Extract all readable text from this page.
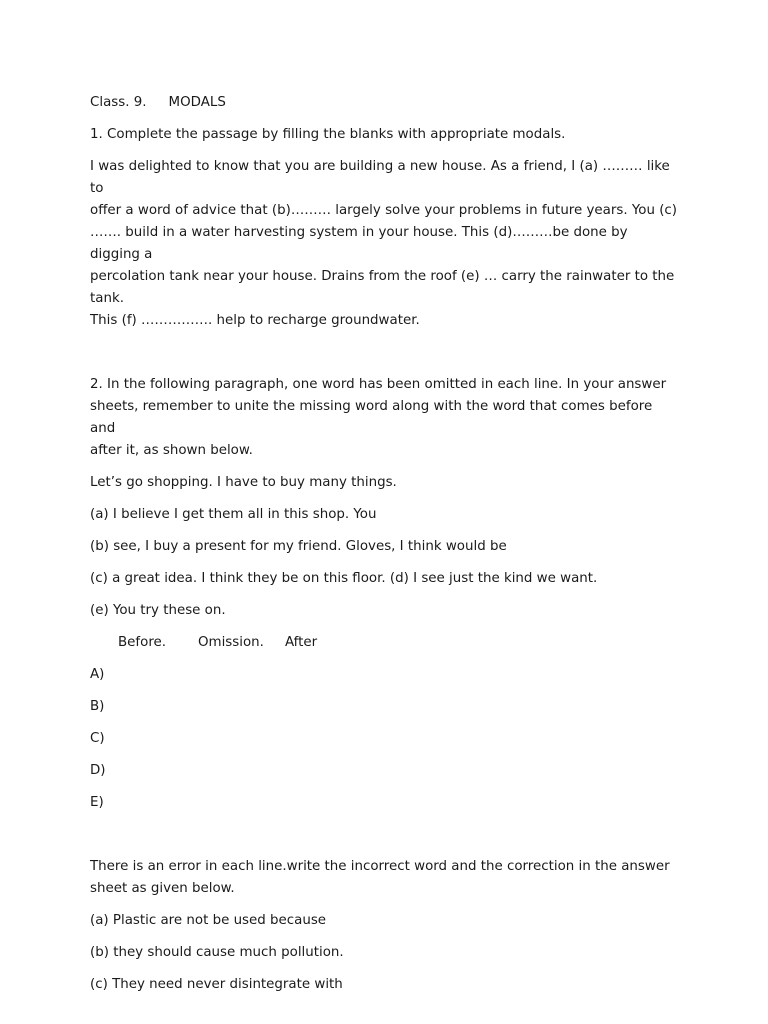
Class. 9. MODALS

1. Complete the passage by filling the blanks with appropriate modals.

I was delighted to know that you are building a new house. As a friend, I (a) ……… like to
offer a word of advice that (b)……… largely solve your problems in future years. You (c)
……. build in a water harvesting system in your house. This (d)………be done by digging a
percolation tank near your house. Drains from the roof (e) … carry the rainwater to the tank.
This (f) ……………. help to recharge groundwater.

2. In the following paragraph, one word has been omitted in each line. In your answer
sheets, remember to unite the missing word along with the word that comes before and
after it, as shown below.

Let’s go shopping. I have to buy many things.

(a) I believe I get them all in this shop. You

(b) see, I buy a present for my friend. Gloves, I think would be

(c) a great idea. I think they be on this floor. (d) I see just the kind we want.

(e) You try these on.

Before. Omission. After

A)

B)

C)

D)

E)

There is an error in each line.write the incorrect word and the correction in the answer
sheet as given below.

(a) Plastic are not be used because

(b) they should cause much pollution.

(c) They need never disintegrate with
